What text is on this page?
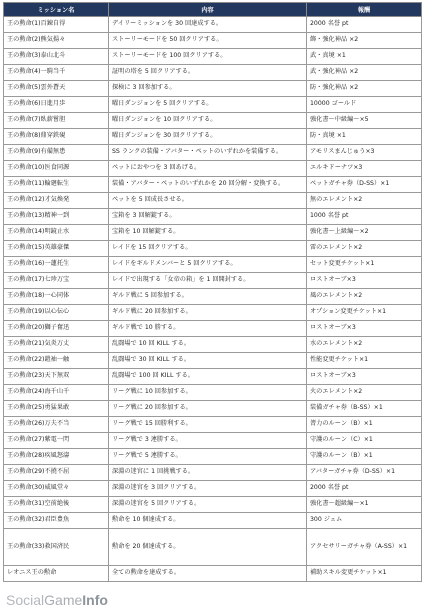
ミッション名	内容	報酬
王の勲命(1)百錬自得	デイリーミッションを 30 回達成する。	2000 名誉 pt
王の勲命(2)熊気揚々	ストーリーモードを 50 回クリアする。	飾・強化神品 ×2
王の勲命(3)泰山北斗	ストーリーモードを 100 回クリアする。	武・真境 ×1
王の勲命(4)一騎当千	証明の塔を 5 回クリアする。	武・強化神品 ×2
王の勲命(5)雲外蒼天	探検に 3 回参加する。	防・強化神品 ×2
王の勲命(6)日進月歩	曜日ダンジョンを 5 回クリアする。	10000 ゴールド
王の勲命(7)臥薪嘗胆	曜日ダンジョンを 10 回クリアする。	強化書～中級編～×5
王の勲命(8)鼎穿鉄硯	曜日ダンジョンを 30 回クリアする。	防・真境 ×1
王の勲命(9)有備無患	SS ランクの装備・アバター・ペットのいずれかを装備する。	アモリスまんじゅう×3
王の勲命(10)医食同源	ペットにおやつを 3 回あげる。	エルキドーナツ×3
王の勲命(11)輪廻転生	装備・アバター・ペットのいずれかを 20 回分解・変換する。	ペットガチャ券（D-SS）×1
王の勲命(12)才気煥発	ペットを 5 回成長させる。	無のエレメント×2
王の勲命(13)精神一到	宝箱を 3 回解錠する。	1000 名誉 pt
王の勲命(14)明鏡止水	宝箱を 10 回解錠する。	強化書～上級編～×2
王の勲命(15)英雄豪傑	レイドを 15 回クリアする。	雷のエレメント×2
王の勲命(16)一蓮托生	レイドをギルドメンバーと 5 回クリアする。	セット変更チケット×1
王の勲命(17)七珍万宝	レイドで出現する「女帝の箱」を 1 回開封する。	ロストオーブ×3
王の勲命(18)一心同体	ギルド戦に 5 回参加する。	風のエレメント×2
王の勲命(19)以心伝心	ギルド戦に 20 回参加する。	オプション変更チケット×1
王の勲命(20)獅子奮迅	ギルド戦で 10 勝する。	ロストオーブ×3
王の勲命(21)気炎万丈	乱闘場で 10 回 KILL する。	水のエレメント×2
王の勲命(22)鎧袖一触	乱闘場で 30 回 KILL する。	性能変更チケット×1
王の勲命(23)天下無双	乱闘場で 100 回 KILL する。	ロストオーブ×3
王の勲命(24)海千山千	リーグ戦に 10 回参加する。	火のエレメント×2
王の勲命(25)勇猛果敢	リーグ戦に 20 回参加する。	装備ガチャ券（B-SS）×1
王の勲命(26)万夫不当	リーグ戦で 15 回勝利する。	膂力のルーン（B）×1
王の勲命(27)紫電一閃	リーグ戦で 3 連勝する。	守護のルーン（C）×1
王の勲命(28)疾風怒濤	リーグ戦で 5 連勝する。	守護のルーン（B）×1
王の勲命(29)不撓不屈	深淵の迷宮に 1 回挑戦する。	アバターガチャ券（D-SS）×1
王の勲命(30)威風堂々	深淵の迷宮を 3 回クリアする。	2000 名誉 pt
王の勲命(31)空前絶後	深淵の迷宮を 5 回クリアする。	強化書～超級編～×1
王の勲命(32)君臣豊魚	勲命を 10 個達成する。	300 ジェム
王の勲命(33)救国済民	勲命を 20 個達成する。	アクセサリーガチャ券（A-SS）×1
レオニス王の勲命	全ての勲命を達成する。	補助スキル変更チケット×1
SocialGameInfo
